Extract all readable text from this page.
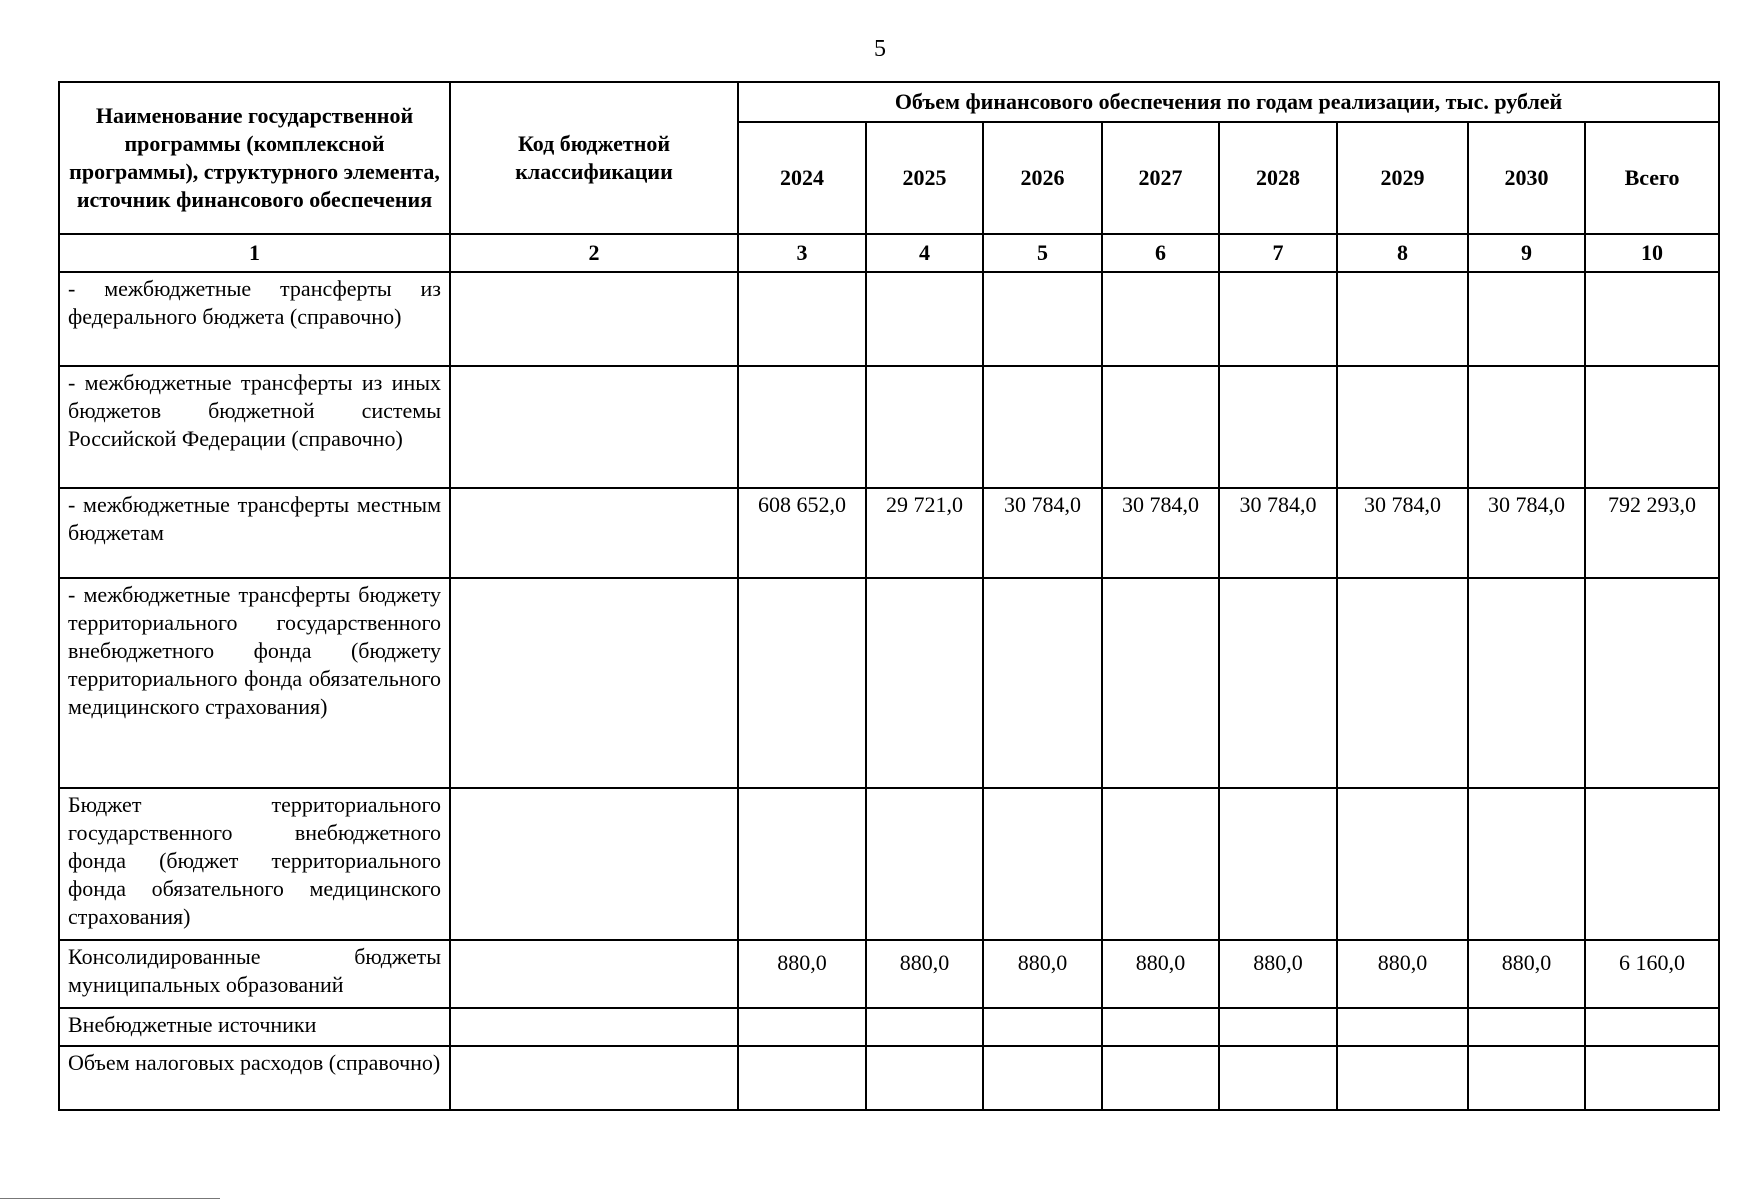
5
Наименование государственной программы (комплексной программы), структурного элемента, источник финансового обеспечения	Код бюджетной классификации	Объем финансового обеспечения по годам реализации, тыс. рублей							
		2024	2025	2026	2027	2028	2029	2030	Всего
1	2	3	4	5	6	7	8	9	10
- межбюджетные трансферты из федерального бюджета (справочно)									
- межбюджетные трансферты из иных бюджетов бюджетной системы Российской Федерации (справочно)									
- межбюджетные трансферты местным бюджетам		608 652,0	29 721,0	30 784,0	30 784,0	30 784,0	30 784,0	30 784,0	792 293,0
- межбюджетные трансферты бюджету территориального государственного внебюджетного фонда (бюджету территориального фонда обязательного медицинского страхования)									
Бюджет территориального государственного внебюджетного фонда (бюджет территориального фонда обязательного медицинского страхования)									
Консолидированные бюджеты муниципальных образований		880,0	880,0	880,0	880,0	880,0	880,0	880,0	6 160,0
Внебюджетные источники									
Объем налоговых расходов (справочно)									
